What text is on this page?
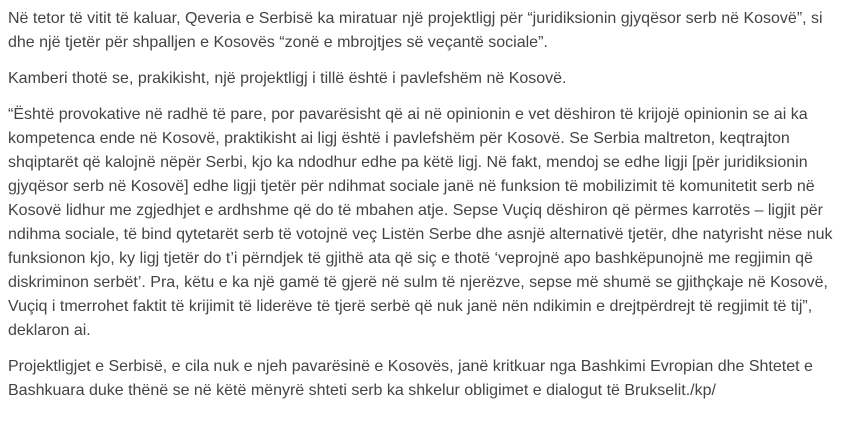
Në tetor të vitit të kaluar, Qeveria e Serbisë ka miratuar një projektligj për “juridiksionin gjyqësor serb në Kosovë”, si
dhe një tjetër për shpalljen e Kosovës “zonë e mbrojtjes së veçantë sociale”.

Kamberi thotë se, prakikisht, një projektligj i tillë është i pavlefshëm në Kosovë.

“Është provokative në radhë të pare, por pavarësisht që ai në opinionin e vet dëshiron të krijojë opinionin se ai ka
kompetenca ende në Kosovë, praktikisht ai ligj është i pavlefshëm për Kosovë. Se Serbia maltreton, keqtrajton
shqiptarët që kalojnë nëpër Serbi, kjo ka ndodhur edhe pa këtë ligj. Në fakt, mendoj se edhe ligji [për juridiksionin
gjyqësor serb në Kosovë] edhe ligji tjetër për ndihmat sociale janë në funksion të mobilizimit të komunitetit serb në
Kosovë lidhur me zgjedhjet e ardhshme që do të mbahen atje. Sepse Vuçiq dëshiron që përmes karrotës – ligjit për
ndihma sociale, të bind qytetarët serb të votojnë veç Listën Serbe dhe asnjë alternativë tjetër, dhe natyrisht nëse nuk
funksionon kjo, ky ligj tjetër do t’i përndjek të gjithë ata që siç e thotë ‘veprojnë apo bashkëpunojnë me regjimin që
diskriminon serbët’. Pra, këtu e ka një gamë të gjerë në sulm të njerëzve, sepse më shumë se gjithçkaje në Kosovë,
Vuçiq i tmerrohet faktit të krijimit të liderëve të tjerë serbë që nuk janë nën ndikimin e drejtpërdrejt të regjimit të tij”,
deklaron ai.

Projektligjet e Serbisë, e cila nuk e njeh pavarësinë e Kosovës, janë kritkuar nga Bashkimi Evropian dhe Shtetet e
Bashkuara duke thënë se në këtë mënyrë shteti serb ka shkelur obligimet e dialogut të Brukselit./kp/
